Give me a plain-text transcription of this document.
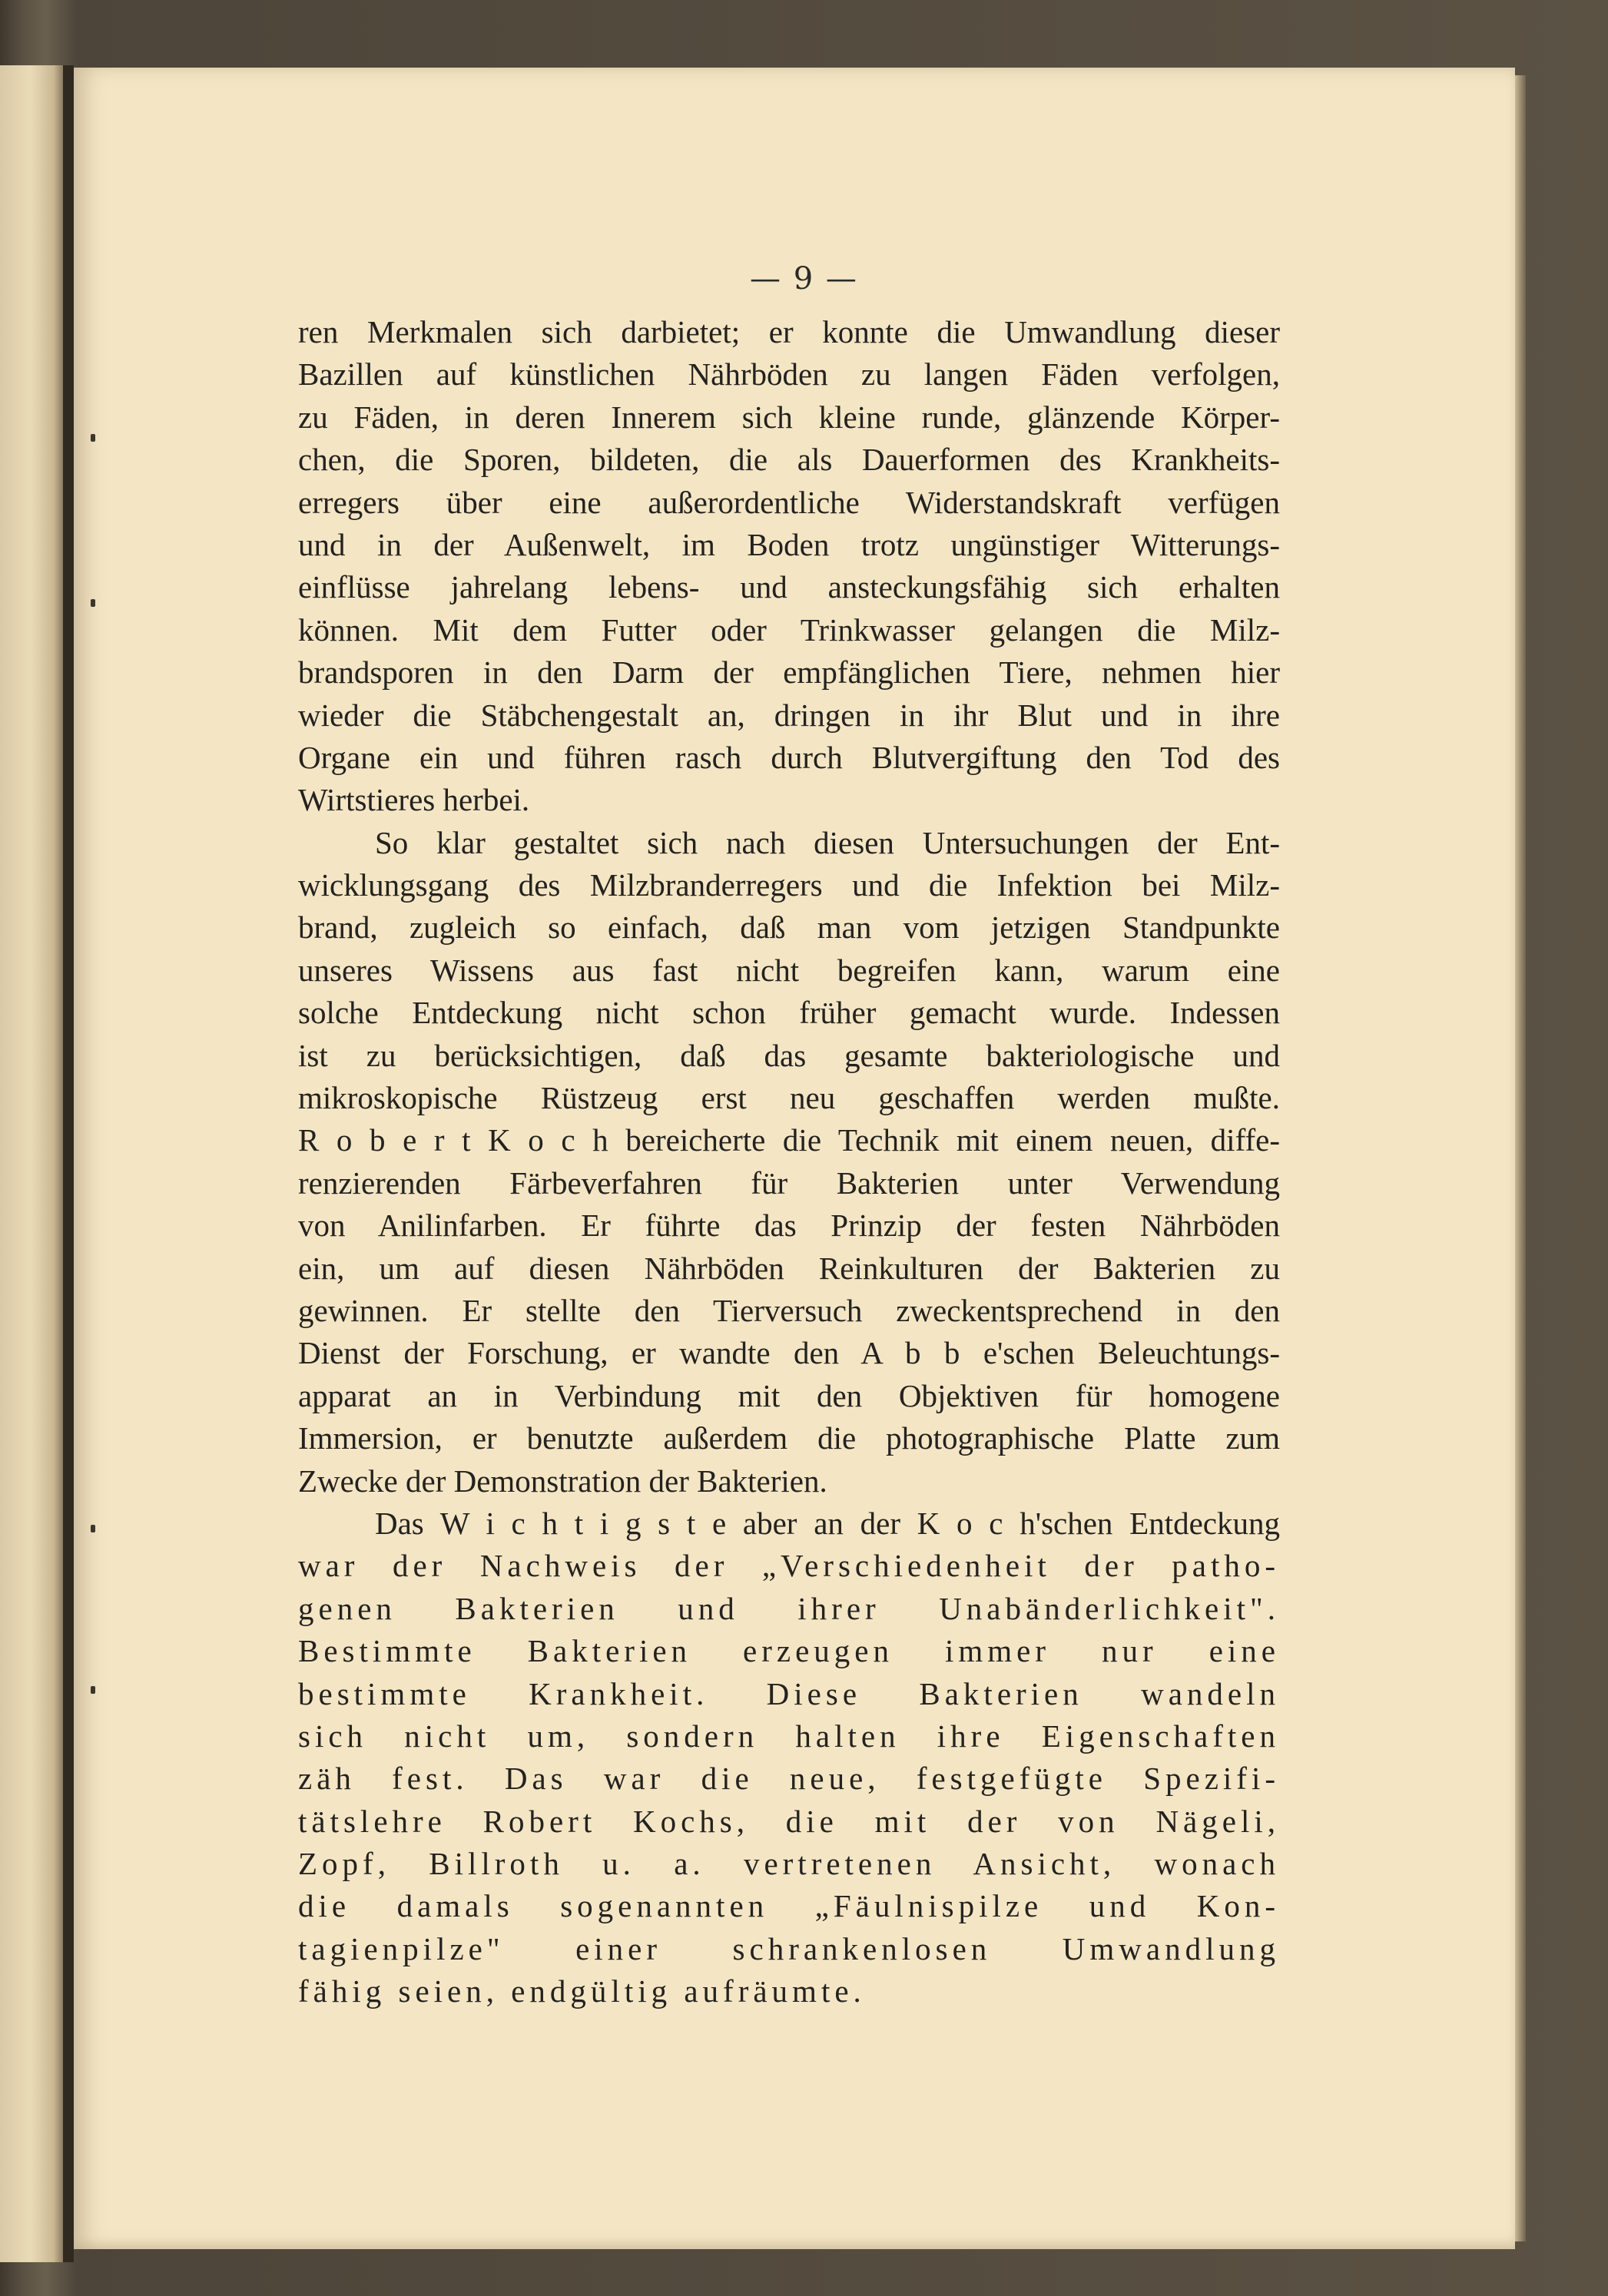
— 9 —
ren Merkmalen sich darbietet; er konnte die Umwandlung dieser
Bazillen auf künstlichen Nährböden zu langen Fäden verfolgen,
zu Fäden, in deren Innerem sich kleine runde, glänzende Körper-
chen, die Sporen, bildeten, die als Dauerformen des Krankheits-
erregers über eine außerordentliche Widerstandskraft verfügen
und in der Außenwelt, im Boden trotz ungünstiger Witterungs-
einflüsse jahrelang lebens- und ansteckungsfähig sich erhalten
können. Mit dem Futter oder Trinkwasser gelangen die Milz-
brandsporen in den Darm der empfänglichen Tiere, nehmen hier
wieder die Stäbchengestalt an, dringen in ihr Blut und in ihre
Organe ein und führen rasch durch Blutvergiftung den Tod des
Wirtstieres herbei.
So klar gestaltet sich nach diesen Untersuchungen der Ent-
wicklungsgang des Milzbranderregers und die Infektion bei Milz-
brand, zugleich so einfach, daß man vom jetzigen Standpunkte
unseres Wissens aus fast nicht begreifen kann, warum eine
solche Entdeckung nicht schon früher gemacht wurde. Indessen
ist zu berücksichtigen, daß das gesamte bakteriologische und
mikroskopische Rüstzeug erst neu geschaffen werden mußte.
R o b e r t K o c h bereicherte die Technik mit einem neuen, diffe-
renzierenden Färbeverfahren für Bakterien unter Verwendung
von Anilinfarben. Er führte das Prinzip der festen Nährböden
ein, um auf diesen Nährböden Reinkulturen der Bakterien zu
gewinnen. Er stellte den Tierversuch zweckentsprechend in den
Dienst der Forschung, er wandte den A b b e'schen Beleuchtungs-
apparat an in Verbindung mit den Objektiven für homogene
Immersion, er benutzte außerdem die photographische Platte zum
Zwecke der Demonstration der Bakterien.
Das W i c h t i g s t e aber an der K o c h'schen Entdeckung
war der Nachweis der „Verschiedenheit der patho-
genen Bakterien und ihrer Unabänderlichkeit".
Bestimmte Bakterien erzeugen immer nur eine
bestimmte Krankheit. Diese Bakterien wandeln
sich nicht um, sondern halten ihre Eigenschaften
zäh fest. Das war die neue, festgefügte Spezifi-
tätslehre Robert Kochs, die mit der von Nägeli,
Zopf, Billroth u. a. vertretenen Ansicht, wonach
die damals sogenannten „Fäulnispilze und Kon-
tagienpilze" einer schrankenlosen Umwandlung
fähig seien, endgültig aufräumte.
